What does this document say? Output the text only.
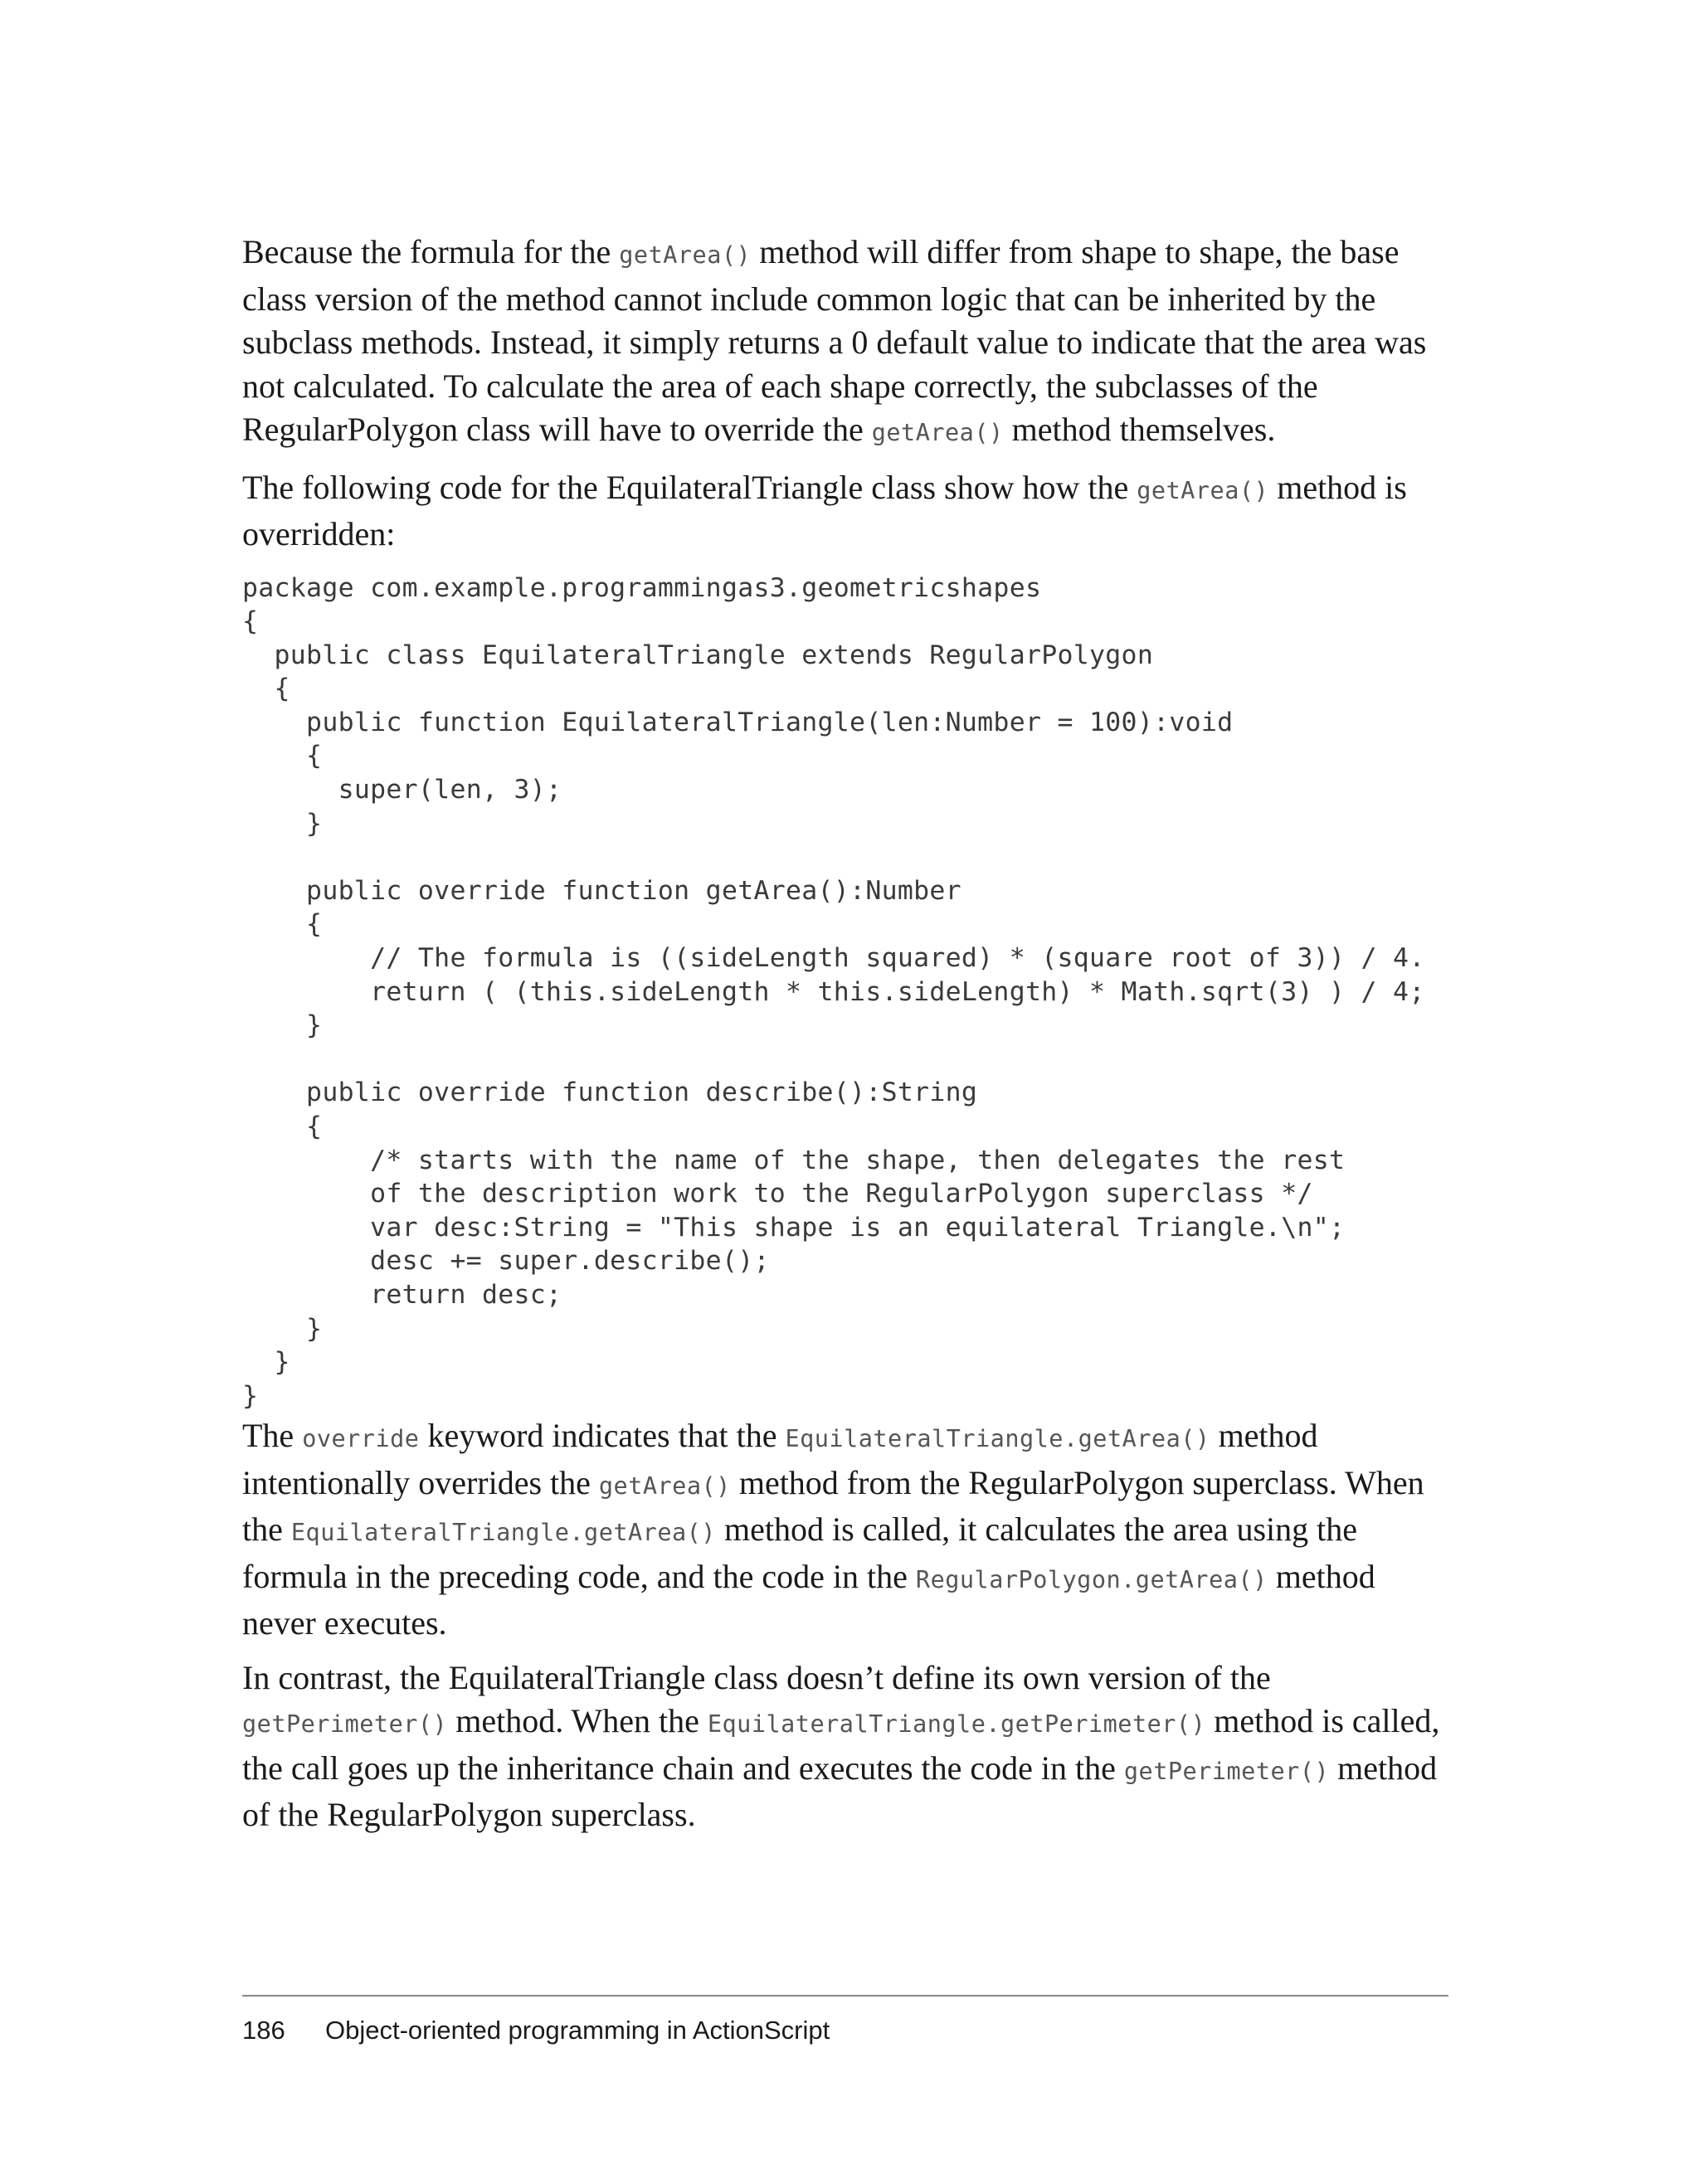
Because the formula for the getArea() method will differ from shape to shape, the base class version of the method cannot include common logic that can be inherited by the subclass methods. Instead, it simply returns a 0 default value to indicate that the area was not calculated. To calculate the area of each shape correctly, the subclasses of the RegularPolygon class will have to override the getArea() method themselves.

The following code for the EquilateralTriangle class show how the getArea() method is overridden:

package com.example.programmingas3.geometricshapes
{
public class EquilateralTriangle extends RegularPolygon
{
public function EquilateralTriangle(len:Number = 100):void
{
super(len, 3);
}

public override function getArea():Number
{
// The formula is ((sideLength squared) * (square root of 3)) / 4.
return ( (this.sideLength * this.sideLength) * Math.sqrt(3) ) / 4;
}

public override function describe():String
{
/* starts with the name of the shape, then delegates the rest
of the description work to the RegularPolygon superclass */
var desc:String = "This shape is an equilateral Triangle.\n";
desc += super.describe();
return desc;
}
}
}

The override keyword indicates that the EquilateralTriangle.getArea() method intentionally overrides the getArea() method from the RegularPolygon superclass. When the EquilateralTriangle.getArea() method is called, it calculates the area using the formula in the preceding code, and the code in the RegularPolygon.getArea() method never executes.

In contrast, the EquilateralTriangle class doesn’t define its own version of the getPerimeter() method. When the EquilateralTriangle.getPerimeter() method is called, the call goes up the inheritance chain and executes the code in the getPerimeter() method of the RegularPolygon superclass.

186 Object-oriented programming in ActionScript
